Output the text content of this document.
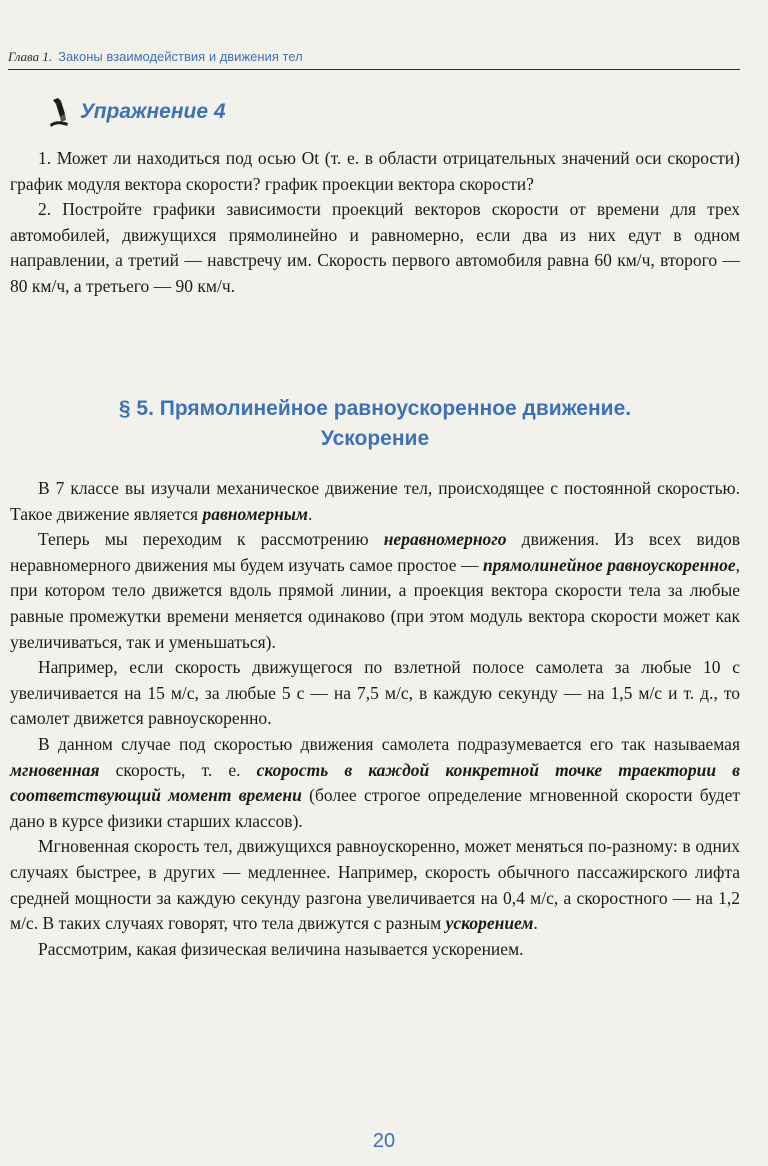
Глава 1. Законы взаимодействия и движения тел
Упражнение 4

1. Может ли находиться под осью Ot (т. е. в области отрицательных значений оси скорости) график модуля вектора скорости? график проекции вектора скорости?

2. Постройте графики зависимости проекций векторов скорости от времени для трех автомобилей, движущихся прямолинейно и равномерно, если два из них едут в одном направлении, а третий — навстречу им. Скорость первого автомобиля равна 60 км/ч, второго — 80 км/ч, а третьего — 90 км/ч.

§ 5. Прямолинейное равноускоренное движение.
Ускорение

В 7 классе вы изучали механическое движение тел, происходящее с постоянной скоростью. Такое движение является равномерным.

Теперь мы переходим к рассмотрению неравномерного движения. Из всех видов неравномерного движения мы будем изучать самое простое — прямолинейное равноускоренное, при котором тело движется вдоль прямой линии, а проекция вектора скорости тела за любые равные промежутки времени меняется одинаково (при этом модуль вектора скорости может как увеличиваться, так и уменьшаться).

Например, если скорость движущегося по взлетной полосе самолета за любые 10 с увеличивается на 15 м/с, за любые 5 с — на 7,5 м/с, в каждую секунду — на 1,5 м/с и т. д., то самолет движется равноускоренно.

В данном случае под скоростью движения самолета подразумевается его так называемая мгновенная скорость, т. е. скорость в каждой конкретной точке траектории в соответствующий момент времени (более строгое определение мгновенной скорости будет дано в курсе физики старших классов).

Мгновенная скорость тел, движущихся равноускоренно, может меняться по-разному: в одних случаях быстрее, в других — медленнее. Например, скорость обычного пассажирского лифта средней мощности за каждую секунду разгона увеличивается на 0,4 м/с, а скоростного — на 1,2 м/с. В таких случаях говорят, что тела движутся с разным ускорением.

Рассмотрим, какая физическая величина называется ускорением.

20
